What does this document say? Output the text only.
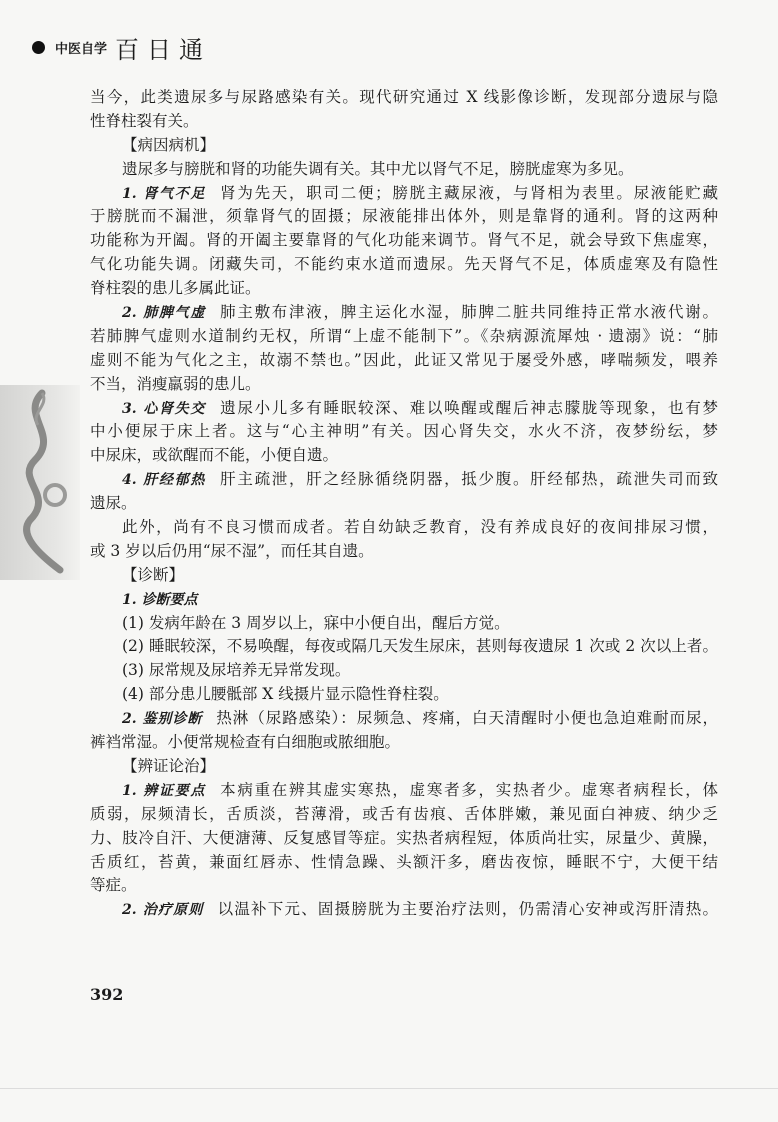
中医自学 百日通
当今，此类遗尿多与尿路感染有关。现代研究通过 X 线影像诊断，发现部分遗尿与隐
性脊柱裂有关。
【病因病机】
遗尿多与膀胱和肾的功能失调有关。其中尤以肾气不足，膀胱虚寒为多见。
1. 肾气不足 肾为先天，职司二便；膀胱主藏尿液，与肾相为表里。尿液能贮藏
于膀胱而不漏泄，须靠肾气的固摄；尿液能排出体外，则是靠肾的通利。肾的这两种
功能称为开阖。肾的开阖主要靠肾的气化功能来调节。肾气不足，就会导致下焦虚寒，
气化功能失调。闭藏失司，不能约束水道而遗尿。先天肾气不足，体质虚寒及有隐性
脊柱裂的患儿多属此证。
2. 肺脾气虚 肺主敷布津液，脾主运化水湿，肺脾二脏共同维持正常水液代谢。
若肺脾气虚则水道制约无权，所谓“上虚不能制下”。《杂病源流犀烛 · 遗溺》说：“肺
虚则不能为气化之主，故溺不禁也。”因此，此证又常见于屡受外感，哮喘频发，喂养
不当，消瘦羸弱的患儿。
3. 心肾失交 遗尿小儿多有睡眠较深、难以唤醒或醒后神志朦胧等现象，也有梦
中小便尿于床上者。这与“心主神明”有关。因心肾失交，水火不济，夜梦纷纭，梦
中尿床，或欲醒而不能，小便自遗。
4. 肝经郁热 肝主疏泄，肝之经脉循绕阴器，抵少腹。肝经郁热，疏泄失司而致
遗尿。
此外，尚有不良习惯而成者。若自幼缺乏教育，没有养成良好的夜间排尿习惯，
或 3 岁以后仍用“尿不湿”，而任其自遗。
【诊断】
1. 诊断要点
(1) 发病年龄在 3 周岁以上，寐中小便自出，醒后方觉。
(2) 睡眠较深，不易唤醒，每夜或隔几天发生尿床，甚则每夜遗尿 1 次或 2 次以上者。
(3) 尿常规及尿培养无异常发现。
(4) 部分患儿腰骶部 X 线摄片显示隐性脊柱裂。
2. 鉴别诊断 热淋（尿路感染）：尿频急、疼痛，白天清醒时小便也急迫难耐而尿，
裤裆常湿。小便常规检查有白细胞或脓细胞。
【辨证论治】
1. 辨证要点 本病重在辨其虚实寒热，虚寒者多，实热者少。虚寒者病程长，体
质弱，尿频清长，舌质淡，苔薄滑，或舌有齿痕、舌体胖嫩，兼见面白神疲、纳少乏
力、肢冷自汗、大便溏薄、反复感冒等症。实热者病程短，体质尚壮实，尿量少、黄臊，
舌质红，苔黄，兼面红唇赤、性情急躁、头额汗多，磨齿夜惊，睡眠不宁，大便干结
等症。
2. 治疗原则 以温补下元、固摄膀胱为主要治疗法则，仍需清心安神或泻肝清热。
392
